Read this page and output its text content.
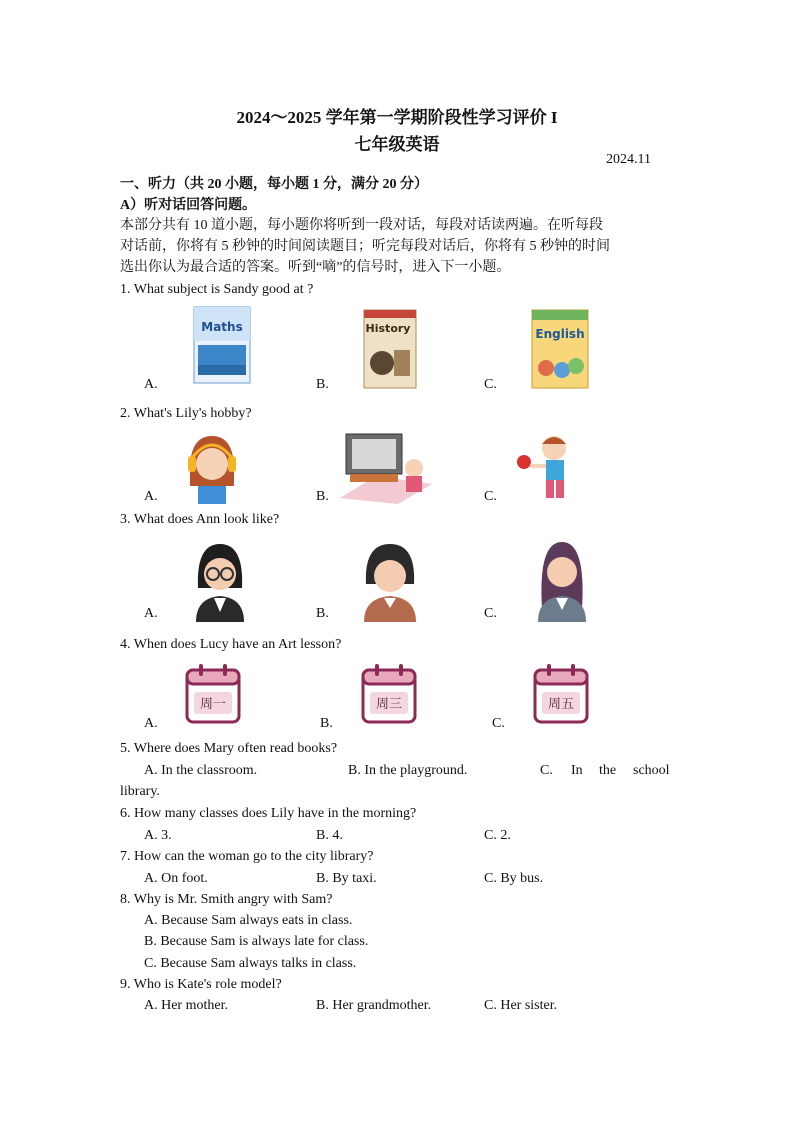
2024～2025 学年第一学期阶段性学习评价 I
七年级英语
2024.11
一、听力（共 20 小题，每小题 1 分，满分 20 分）
A）听对话回答问题。
本部分共有 10 道小题，每小题你将听到一段对话，每段对话读两遍。在听每段
对话前，你将有 5 秒钟的时间阅读题目；听完每段对话后，你将有 5 秒钟的时间
选出你认为最合适的答案。听到“嘀”的信号时，进入下一小题。
1. What subject is Sandy good at ?
A.	B.	C.
Maths	History	English
2. What's Lily's hobby?
A.	B.	C.
3. What does Ann look like?
A.	B.	C.
4. When does Lucy have an Art lesson?
A.	B.	C.
周一	周三	周五
5. Where does Mary often read books?
A. In the classroom.	B. In the playground.	C. In the school
library.
6. How many classes does Lily have in the morning?
A. 3.	B. 4.	C. 2.
7. How can the woman go to the city library?
A. On foot.	B. By taxi.	C. By bus.
8. Why is Mr. Smith angry with Sam?
A. Because Sam always eats in class.
B. Because Sam is always late for class.
C. Because Sam always talks in class.
9. Who is Kate's role model?
A. Her mother.	B. Her grandmother.	C. Her sister.
